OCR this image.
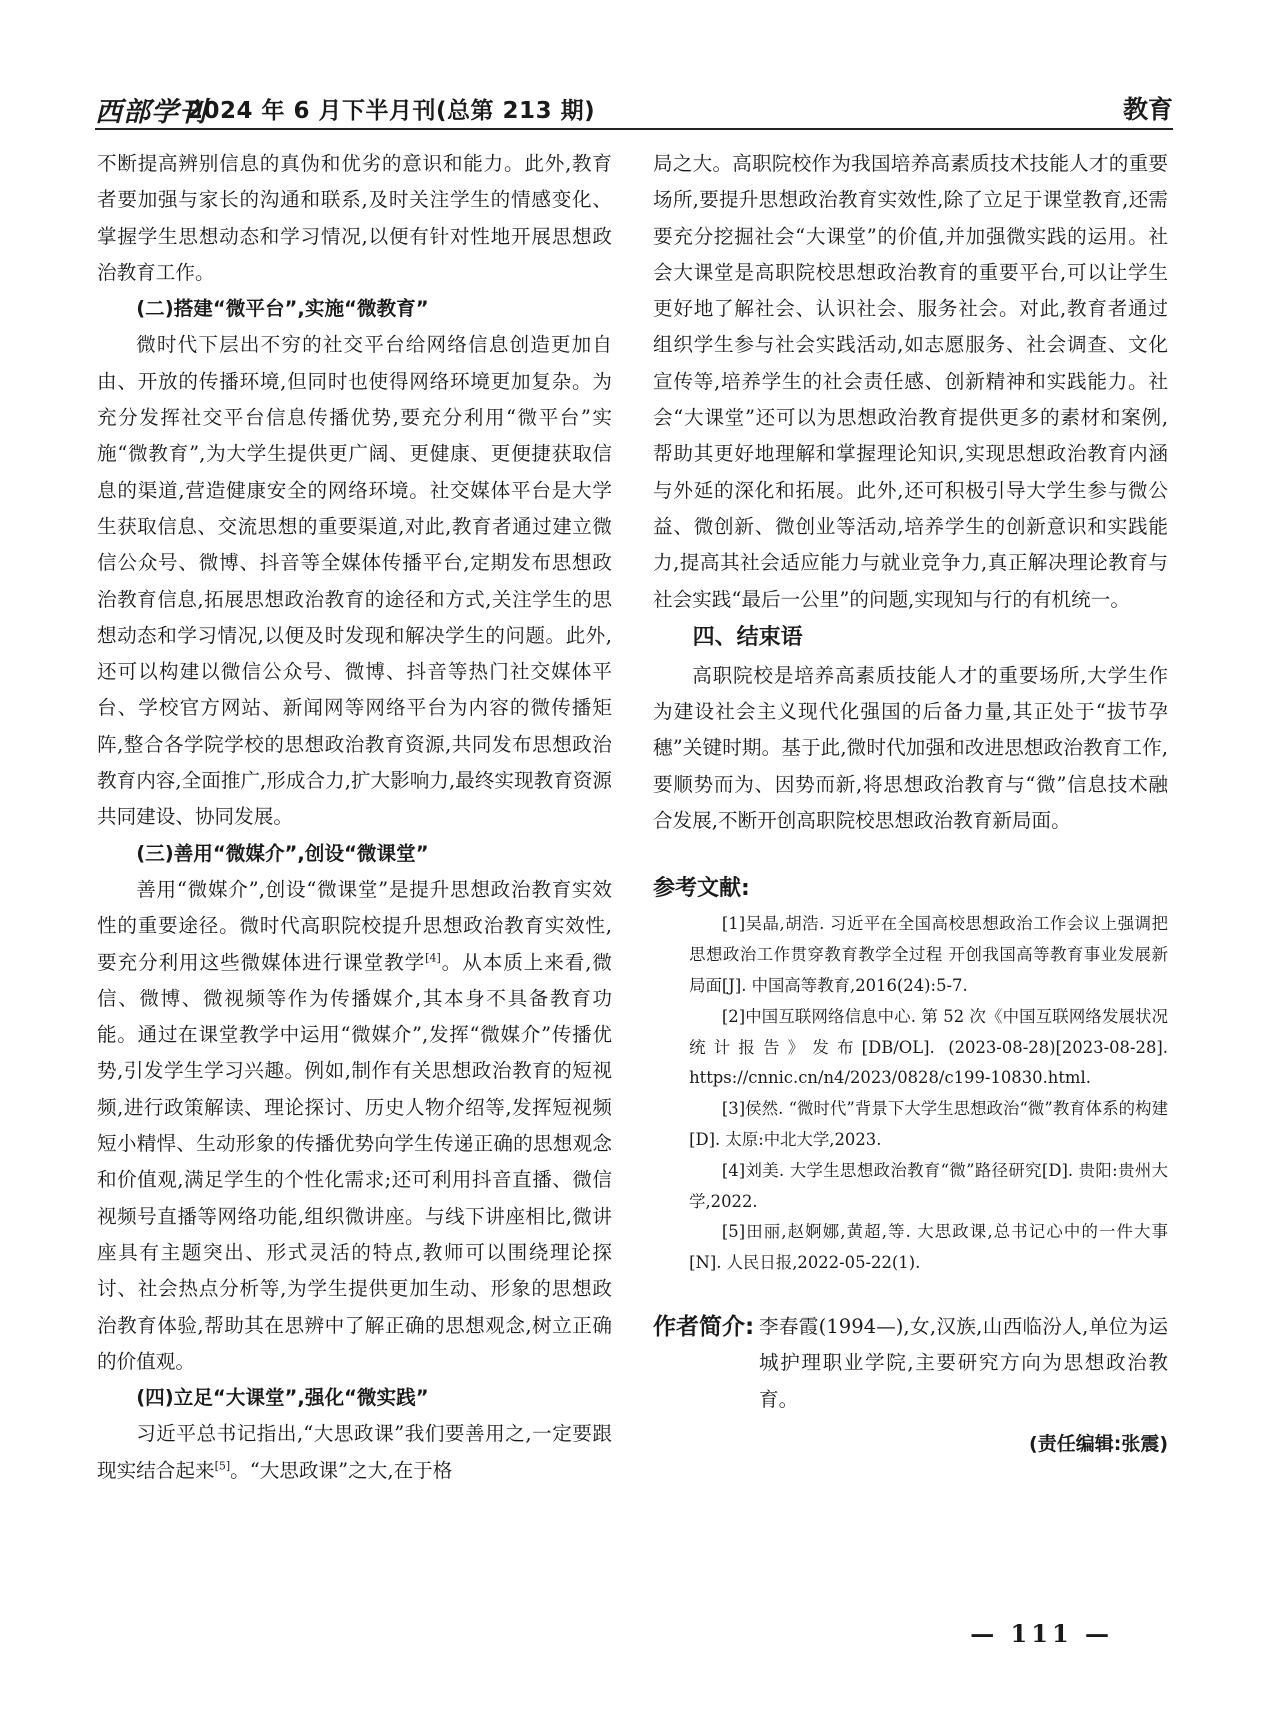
西部学刊
2024 年 6 月下半月刊(总第 213 期)	教育

不断提高辨别信息的真伪和优劣的意识和能力。此外,教育者要加强与家长的沟通和联系,及时关注学生的情感变化、掌握学生思想动态和学习情况,以便有针对性地开展思想政治教育工作。

(二)搭建“微平台”,实施“微教育”

微时代下层出不穷的社交平台给网络信息创造更加自由、开放的传播环境,但同时也使得网络环境更加复杂。为充分发挥社交平台信息传播优势,要充分利用“微平台”实施“微教育”,为大学生提供更广阔、更健康、更便捷获取信息的渠道,营造健康安全的网络环境。社交媒体平台是大学生获取信息、交流思想的重要渠道,对此,教育者通过建立微信公众号、微博、抖音等全媒体传播平台,定期发布思想政治教育信息,拓展思想政治教育的途径和方式,关注学生的思想动态和学习情况,以便及时发现和解决学生的问题。此外,还可以构建以微信公众号、微博、抖音等热门社交媒体平台、学校官方网站、新闻网等网络平台为内容的微传播矩阵,整合各学院学校的思想政治教育资源,共同发布思想政治教育内容,全面推广,形成合力,扩大影响力,最终实现教育资源共同建设、协同发展。

(三)善用“微媒介”,创设“微课堂”

善用“微媒介”,创设“微课堂”是提升思想政治教育实效性的重要途径。微时代高职院校提升思想政治教育实效性,要充分利用这些微媒体进行课堂教学[4]。从本质上来看,微信、微博、微视频等作为传播媒介,其本身不具备教育功能。通过在课堂教学中运用“微媒介”,发挥“微媒介”传播优势,引发学生学习兴趣。例如,制作有关思想政治教育的短视频,进行政策解读、理论探讨、历史人物介绍等,发挥短视频短小精悍、生动形象的传播优势向学生传递正确的思想观念和价值观,满足学生的个性化需求;还可利用抖音直播、微信视频号直播等网络功能,组织微讲座。与线下讲座相比,微讲座具有主题突出、形式灵活的特点,教师可以围绕理论探讨、社会热点分析等,为学生提供更加生动、形象的思想政治教育体验,帮助其在思辨中了解正确的思想观念,树立正确的价值观。

(四)立足“大课堂”,强化“微实践”

习近平总书记指出,“大思政课”我们要善用之,一定要跟现实结合起来[5]。“大思政课”之大,在于格

局之大。高职院校作为我国培养高素质技术技能人才的重要场所,要提升思想政治教育实效性,除了立足于课堂教育,还需要充分挖掘社会“大课堂”的价值,并加强微实践的运用。社会大课堂是高职院校思想政治教育的重要平台,可以让学生更好地了解社会、认识社会、服务社会。对此,教育者通过组织学生参与社会实践活动,如志愿服务、社会调查、文化宣传等,培养学生的社会责任感、创新精神和实践能力。社会“大课堂”还可以为思想政治教育提供更多的素材和案例,帮助其更好地理解和掌握理论知识,实现思想政治教育内涵与外延的深化和拓展。此外,还可积极引导大学生参与微公益、微创新、微创业等活动,培养学生的创新意识和实践能力,提高其社会适应能力与就业竞争力,真正解决理论教育与社会实践“最后一公里”的问题,实现知与行的有机统一。

四、结束语

高职院校是培养高素质技能人才的重要场所,大学生作为建设社会主义现代化强国的后备力量,其正处于“拔节孕穗”关键时期。基于此,微时代加强和改进思想政治教育工作,要顺势而为、因势而新,将思想政治教育与“微”信息技术融合发展,不断开创高职院校思想政治教育新局面。

参考文献:

[1]吴晶,胡浩. 习近平在全国高校思想政治工作会议上强调把思想政治工作贯穿教育教学全过程 开创我国高等教育事业发展新局面[J]. 中国高等教育,2016(24):5-7.

[2]中国互联网络信息中心. 第 52 次《中国互联网络发展状况统计报告》发布[DB/OL]. (2023-08-28)[2023-08-28]. https://cnnic.cn/n4/2023/0828/c199-10830.html.

[3]侯然. “微时代”背景下大学生思想政治“微”教育体系的构建[D]. 太原:中北大学,2023.

[4]刘美. 大学生思想政治教育“微”路径研究[D]. 贵阳:贵州大学,2022.

[5]田丽,赵婀娜,黄超,等. 大思政课,总书记心中的一件大事[N]. 人民日报,2022-05-22(1).

作者简介: 李春霞(1994—),女,汉族,山西临汾人,单位为运城护理职业学院,主要研究方向为思想政治教育。
(责任编辑:张震)
— 111 —
